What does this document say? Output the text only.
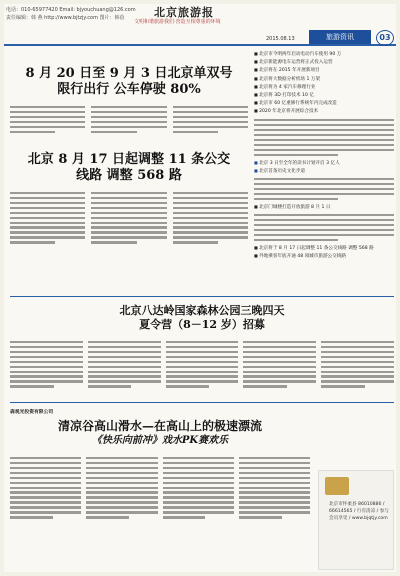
电话：010-65977420 Email: bjyouchuang@126.com
责任编辑：韩 燕 http://www.bjtzjy.com 图片：韩蓓	北京旅游报
文明和谐旅游我们·营造互相尊重的环境
2015.08.13	旅游资讯	03
8 月 20 日至 9 月 3 日北京单双号
限行出行 公车停驶 80%
北京 8 月 17 日起调整 11 条公交
线路 调整 568 路
■ 北京市今明两年启动电动汽车使用 90 万
■ 北京新能源电车运营将正式投入运营
■ 北京将在 2015 年开展新项目
■ 北京将大数据分析机场 1 万架
■ 北京将为 4 家汽车修理行业
■ 北京将 3D 打印技术 10 亿
■ 北京市 60 亿重修行系统年内完成改造
■ 2020 年北京将开展综合技术
■ 北京 3 日至全年的读书计划开启 3 亿人
■ 北京首条历史文化步道
■ 北京门城楼打造开放旅游 8 月 1 日
■ 北京将于 8 月 17 日起调整 11 条公交线路 调整 568 路
■ 外地乘客年底开通 48 项城市旅游公交线路
北京八达岭国家森林公园三晚四天
夏令营（8－12 岁）招募
森观光投资有限公司
清凉谷高山滑水—在高山上的极速漂流
《快乐向前冲》戏水PK赛欢乐
北京市怀柔县 86010886 / 66614565 / 行有清凉 / 参与会员享受 / www.bjqtjy.com
